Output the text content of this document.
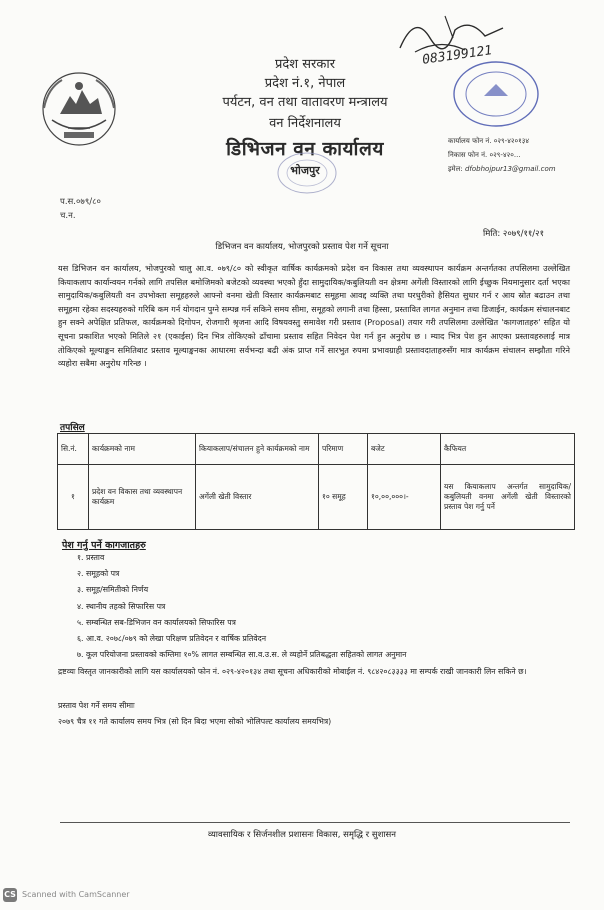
प्रदेश सरकार
प्रदेश नं.१, नेपाल
पर्यटन, वन तथा वातावरण मन्त्रालय
वन निर्देशनालय
डिभिजन वन कार्यालय
भोजपुर
083199121
कार्यालय फोन नं. ०२९-४२०१३४
निकास फोन नं. ०२९-४२०...
इमेल: dfobhojpur13@gmail.com
प.स.०७९/८०
च.न.
मिति: २०७९/११/२१
डिभिजन वन कार्यालय, भोजपुरको प्रस्ताव पेश गर्ने सूचना
यस डिभिजन वन कार्यालय, भोजपुरको चालु आ.व. ०७९/८० को स्वीकृत वार्षिक कार्यक्रमको प्रदेश वन विकास तथा व्यवस्थापन कार्यक्रम अन्तर्गतका तपसिलमा उल्लेखित कियाकलाप कार्यान्वयन गर्नको लागि तपसिल बमोजिमको बजेटको व्यवस्था भएकोे हुँदा सामुदायिक/कबुलियती वन क्षेत्रमा अगेंली विस्तारको लागि ईच्छुक नियमानुसार दर्ता भएका सामुदायिक/कबुलियती वन उपभोक्ता समूहहरुले आफ्नो वनमा खेती विस्तार कार्यक्रमबाट समूहमा आवद्द व्यक्ति तथा घरधुरीको हैसियत सुधार गर्न र आय स्रोत बढाउन तथा समूहमा रहेका सदस्यहरुको गरिबि कम गर्न योगदान पुग्ने सम्पन्न गर्न सकिने समय सीमा, समूहको लगानी तथा हिस्सा, प्रस्तावित लागत अनुमान तथा डिजाईन, कार्यक्रम संचालनबाट हुन सक्ने अपेक्षित प्रतिफल, कार्यक्रमको दिगोपन, रोजगारी श्रृजना आदि विषयवस्तु समावेश गरी प्रस्ताव (Proposal) तयार गरी तपसिलमा उल्लेखित 'कागजातहरु' सहित यो सूचना प्रकाशित भएको मितिले २१ (एकाईस) दिन भित्र तोकिएको ढाँचामा प्रस्ताव सहित निवेदन पेश गर्न हुन अनुरोध छ । म्याद भित्र पेश हुन आएका प्रस्तावहरुलाई मात्र तोकिएको मूल्याङ्कन समितिबाट प्रस्ताव मूल्याङ्कनका आधारमा सर्वभन्दा बढी अंक प्राप्त गर्ने सारभुत रुपमा प्रभावग्राही प्रस्तावदाताहरुसँग मात्र कार्यक्रम संचालन सम्झौता गरिने व्यहोरा सबैमा अनुरोध गरिन्छ ।
तपसिल
सि.नं.	कार्यक्रमको नाम	कियाकलाप/संचालन हुने कार्यक्रमको नाम	परिमाण	बजेट	कैफियत
१	प्रदेश वन विकास तथा व्यवस्थापन कार्यक्रम	अगेंली खेती विस्तार	१० समूह	१०,००,०००।-	यस कियाकलाप अन्तर्गत सामुदायिक/कबुलियती वनमा अगेंली खेती विस्तारको प्रस्ताव पेश गर्नु पर्ने
पेश गर्नु पर्ने कागजातहरु
१. प्रस्ताव
२. समूहको पत्र
३. समूह/समितीको निर्णय
४. स्थानीय तहको सिफारिस पत्र
५. सम्बन्धित सब-डिभिजन वन कार्यालयको सिफारिस पत्र
६. आ.व. २०७८/०७९ को लेखा परिक्षण प्रतिवेदन र वार्षिक प्रतिवेदन
७. कूल परियोजना प्रस्तावको कम्तिमा १०% लागत सम्बन्धित सा.व.उ.स. ले व्यहोर्ने प्रतिबद्धता सहितको लागत अनुमान
द्रष्टव्यः विस्तृत जानकारीको लागि यस कार्यालयको फोन नं. ०२९-४२०१३४ तथा सूचना अधिकारीको मोबाईल नं. ९८४२०८३३३३ मा सम्पर्क राखी जानकारी लिन सकिने छ।
प्रस्ताव पेश गर्ने समय सीमाः
२०७९ चैत्र ११ गते कार्यालय समय भित्र (सो दिन बिदा भएमा सोको भोलिपल्ट कार्यालय समयभित्र)
व्यावसायिक र सिर्जनशील प्रशासनः विकास, समृद्धि र सुशासन
CS Scanned with CamScanner
